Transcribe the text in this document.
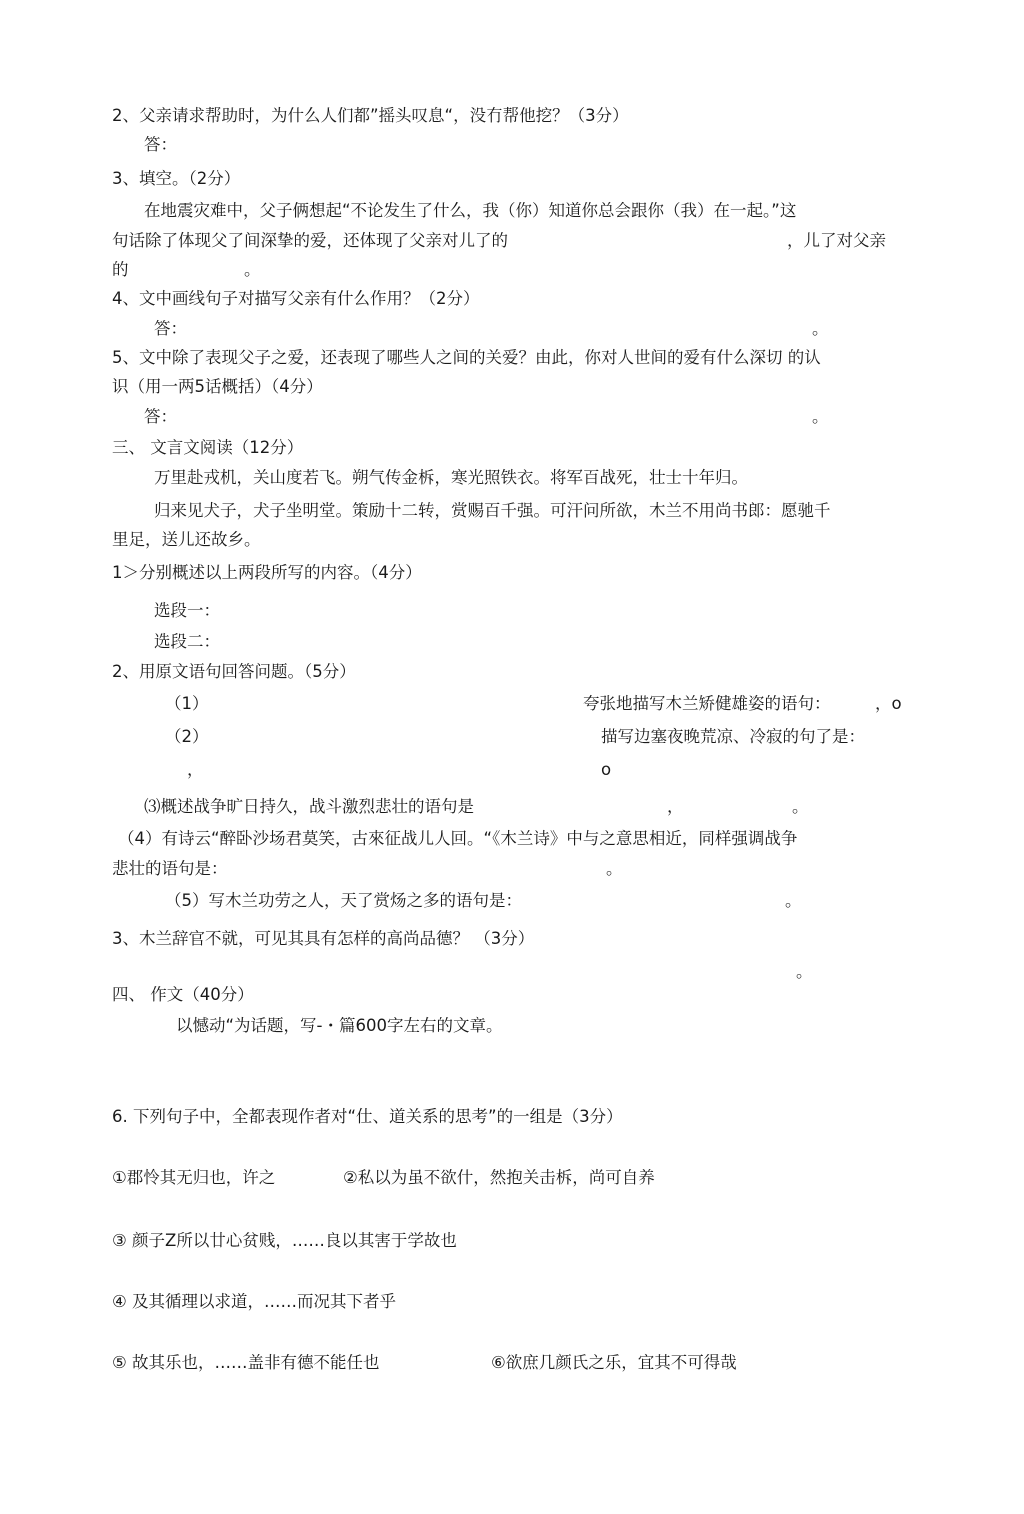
2、父亲请求帮助时，为什么人们都”摇头叹息“，没冇帮他挖？（3分）
答：
3、填空。（2分）
在地震灾难中，父子俩想起“不论发生了什么，我（你）知道你总会跟你（我）在一起。”这
句话除了体现父了间深挚的爱，还体现了父亲对儿了的	，儿了对父亲
的	。
4、文中画线句子对描写父亲有什么作用？（2分）
答：	。
5、文中除了表现父子之爱，还表现了哪些人之间的关爱？由此，你对人世间的爱有什么深切 的认
识（用一两5话概括）（4分）
答：	。
三、 文言文阅读（12分）
万里赴戎机，关山度若飞。朔气传金柝，寒光照铁衣。将军百战死，壮士十年归。
归来见犬子，犬子坐明堂。策励十二转，赏赐百千强。可汗问所欲，木兰不用尚书郎：愿驰千
里足，送儿还故乡。
1＞分别概述以上两段所写的内容。（4分）
选段一：
选段二：
2、用原文语句回答问题。（5分）
（1）	夸张地描写木兰矫健雄姿的语句：	，o
（2）	描写边塞夜晚荒凉、冷寂的句了是：
，	o
⑶概述战争旷日持久，战斗激烈悲壮的语句是	，	。
（4）有诗云“醉卧沙场君莫笑，古來征战儿人回。“《木兰诗》中与之意思相近，同样强调战争
悲壮的语句是：	。
（5）写木兰功劳之人，天了赏炀之多的语句是：	。
3、木兰辞官不就，可见其具有怎样的高尚品德？ （3分）
。
四、 作文（40分）
以憾动“为话题，写-・篇600字左右的文章。
6. 下列句子中，全都表现作者对“仕、道关系的思考”的一组是（3分）
①郡怜其无归也，许之	②私以为虽不欲什，然抱关击柝，尚可自养
③ 颜子Z所以廿心贫贱，……良以其害于学故也
④ 及其循理以求道，……而况其下者乎
⑤ 故其乐也，……盖非有德不能任也	⑥欲庶几颜氏之乐，宜其不可得哉
